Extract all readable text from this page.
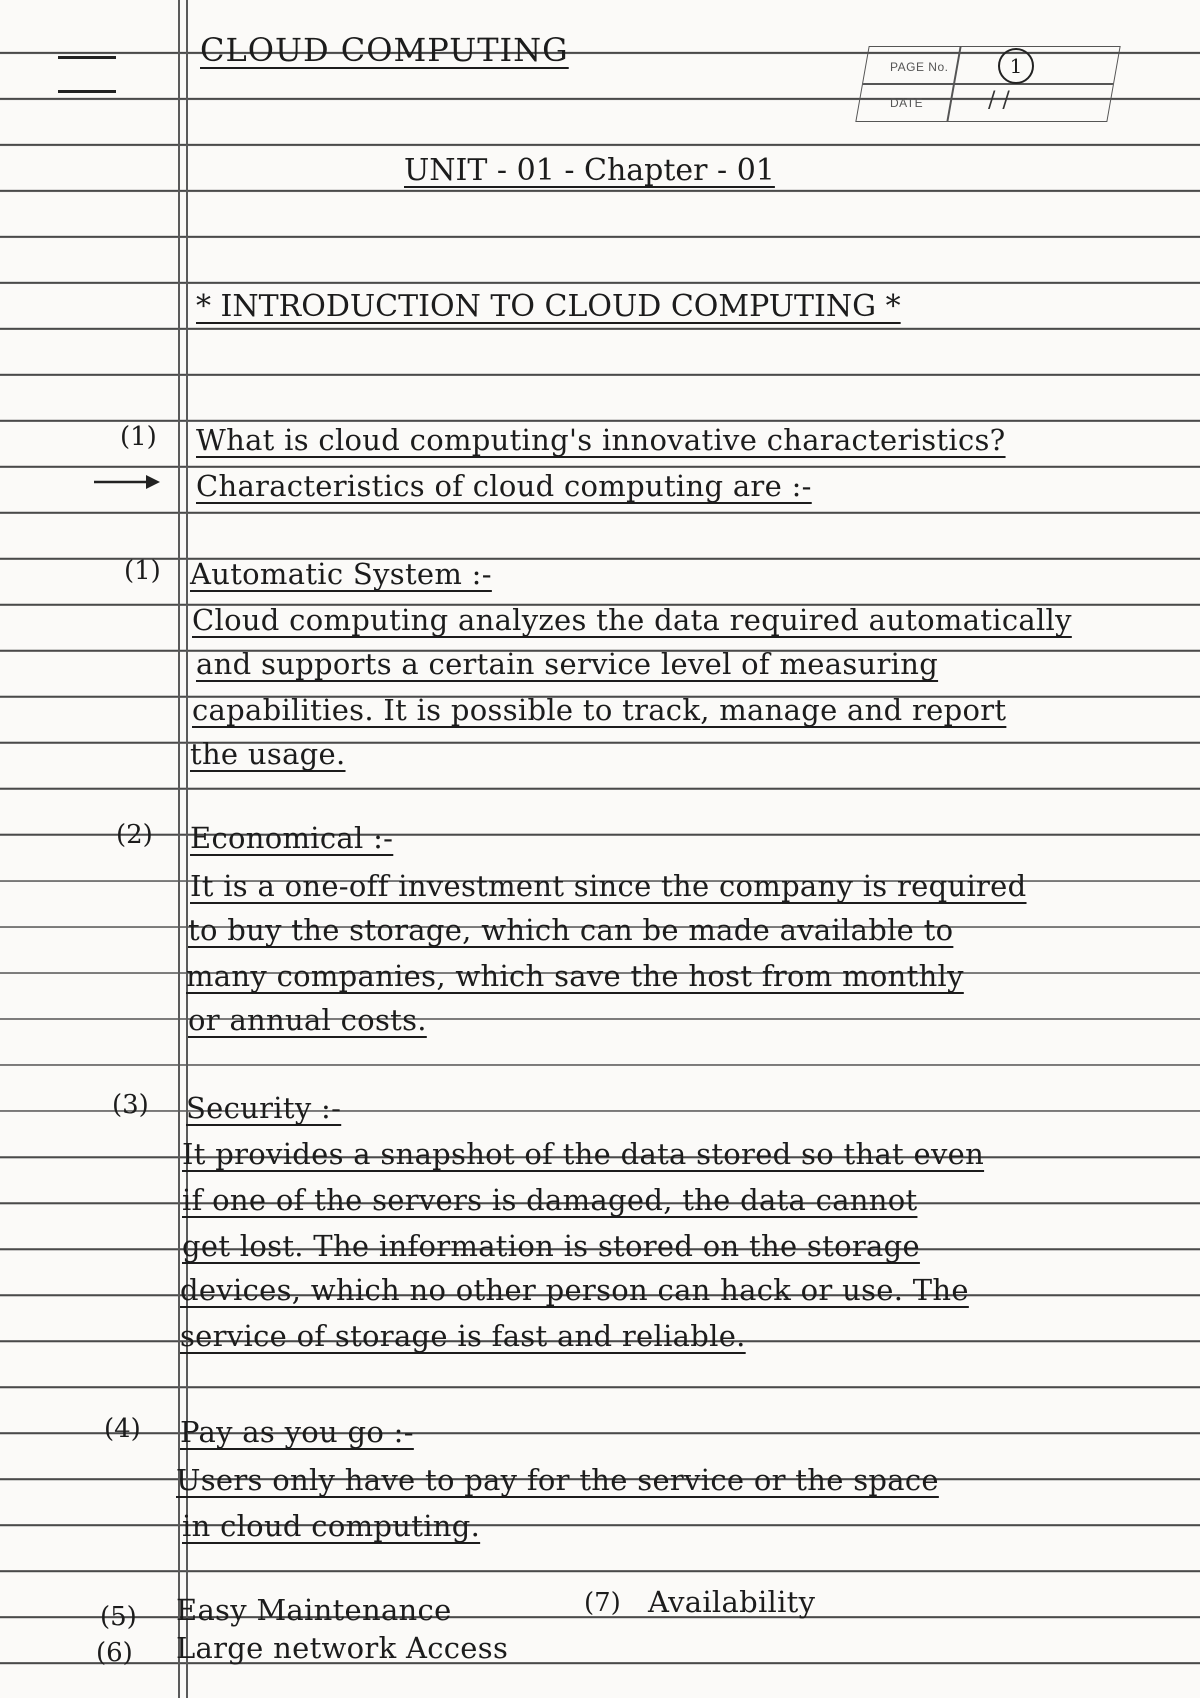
CLOUD COMPUTING	PAGE No.
DATE
1
/ /
UNIT - 01 - Chapter - 01
* INTRODUCTION TO CLOUD COMPUTING *
(1) What is cloud computing's innovative characteristics?
Characteristics of cloud computing are :-
(1) Automatic System :-
Cloud computing analyzes the data required automatically
and supports a certain service level of measuring
capabilities. It is possible to track, manage and report
the usage.
(2) Economical :-
It is a one-off investment since the company is required
to buy the storage, which can be made available to
many companies, which save the host from monthly
or annual costs.
(3) Security :-
It provides a snapshot of the data stored so that even
if one of the servers is damaged, the data cannot
get lost. The information is stored on the storage
devices, which no other person can hack or use. The
service of storage is fast and reliable.
(4) Pay as you go :-
Users only have to pay for the service or the space
in cloud computing.
(5) Easy Maintenance	(7) Availability
(6) Large network Access
